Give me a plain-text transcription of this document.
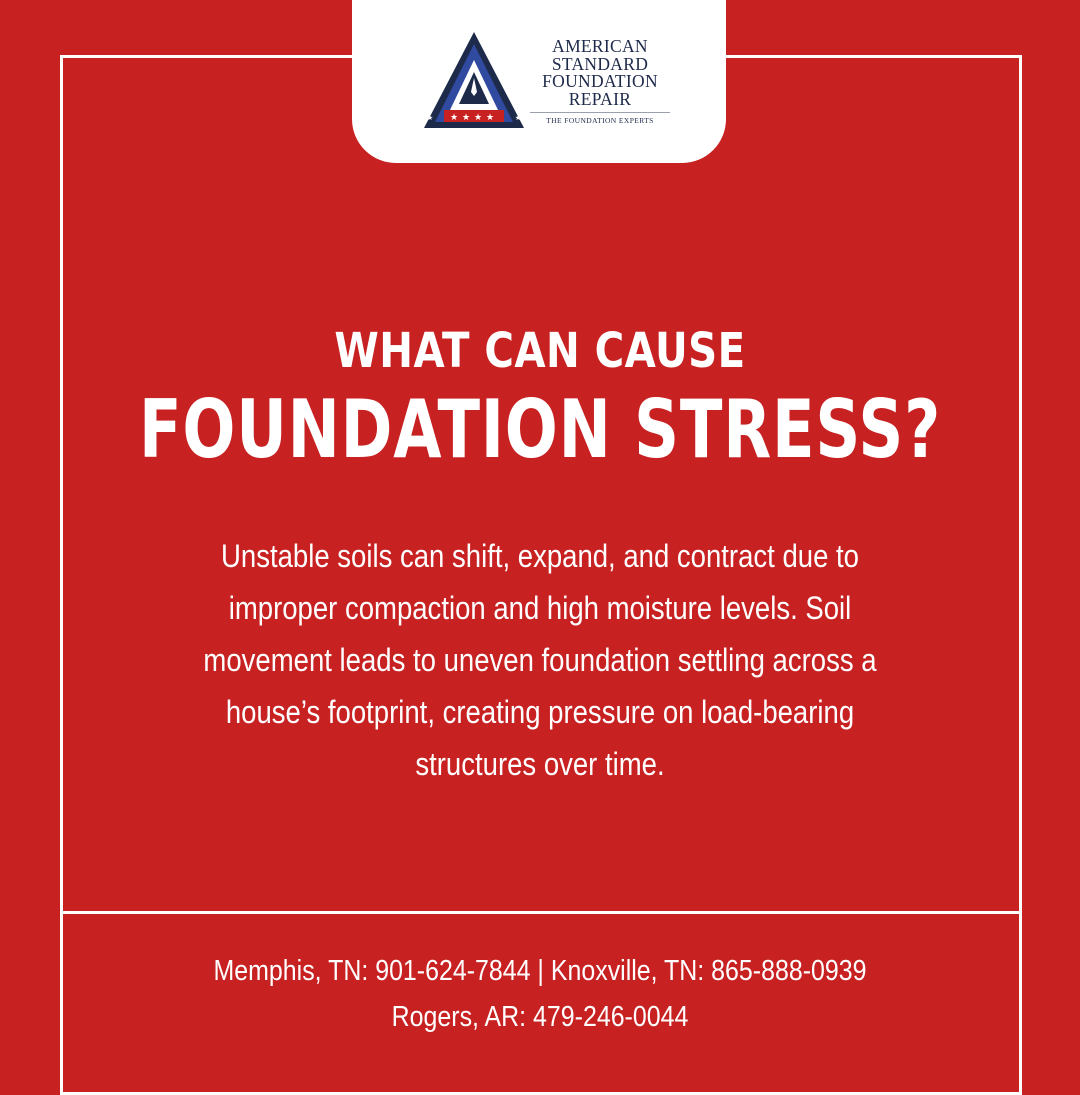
★ ★ ★ ★
★	★
AMERICAN
STANDARD
FOUNDATION
REPAIR
THE FOUNDATION EXPERTS
WHAT CAN CAUSE
FOUNDATION STRESS?
Unstable soils can shift, expand, and contract due to
improper compaction and high moisture levels. Soil
movement leads to uneven foundation settling across a
house’s footprint, creating pressure on load-bearing
structures over time.
Memphis, TN: 901-624-7844 | Knoxville, TN: 865-888-0939
Rogers, AR: 479-246-0044
